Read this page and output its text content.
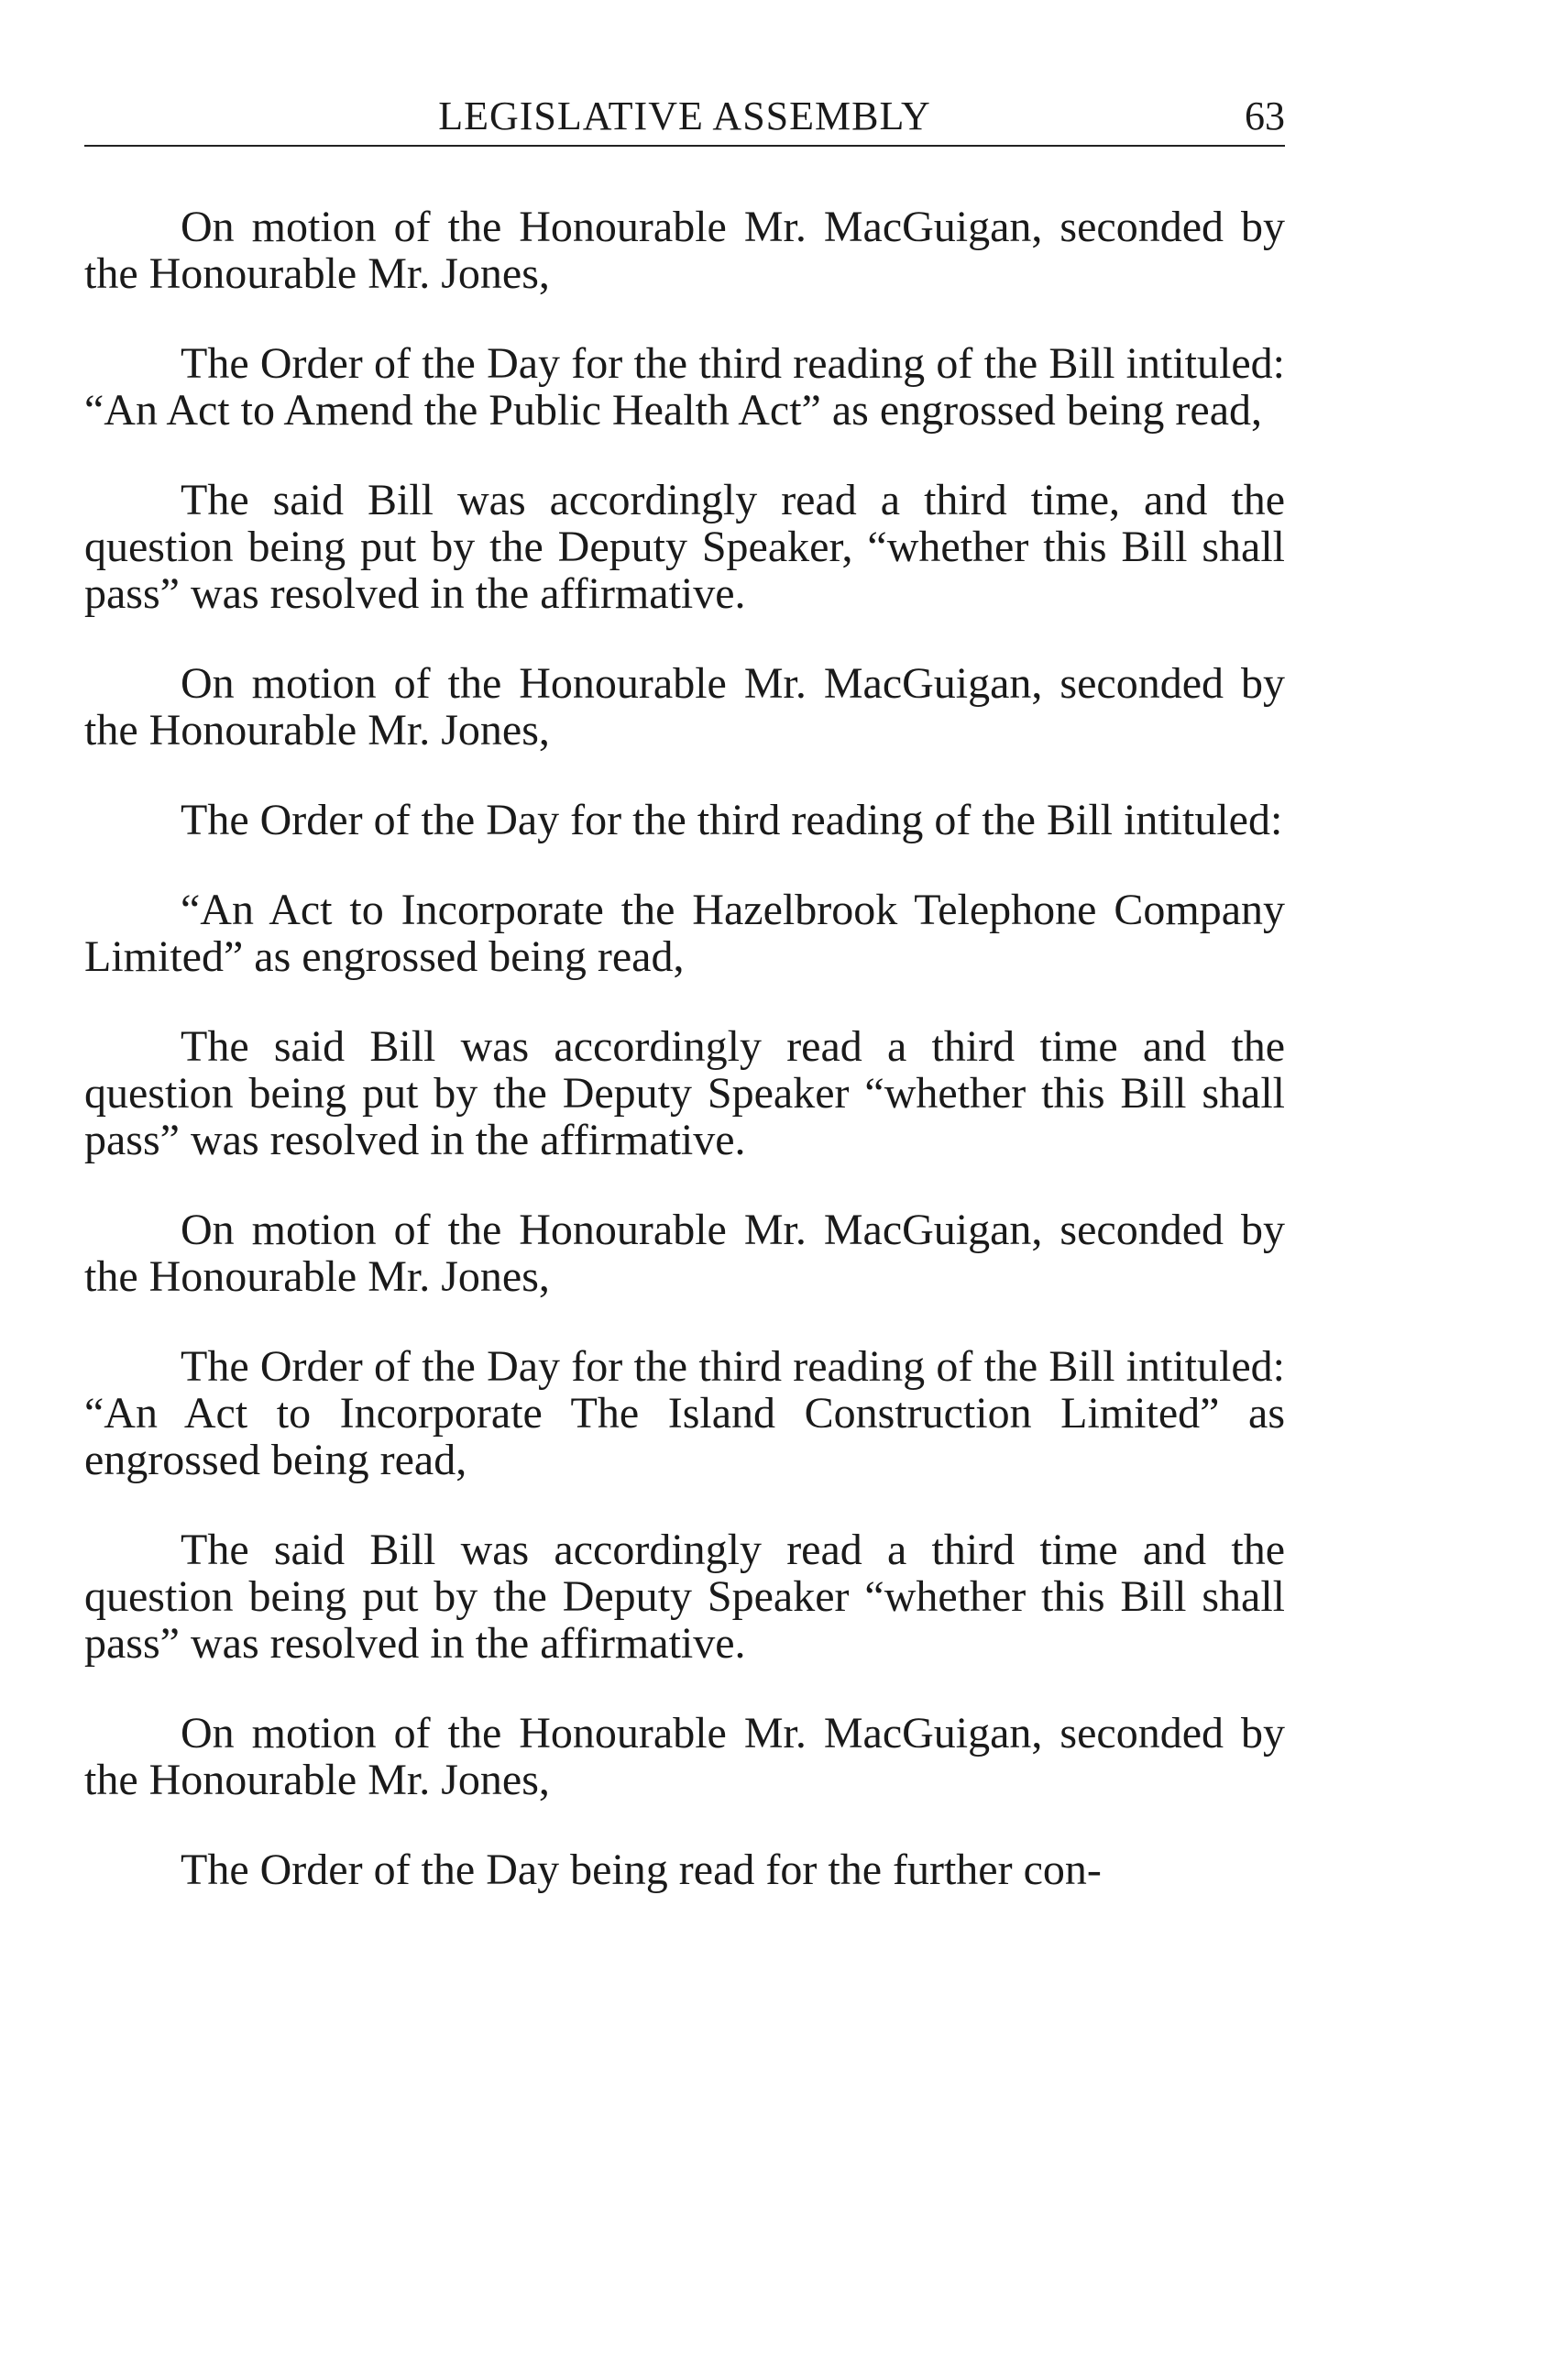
LEGISLATIVE ASSEMBLY	63

On motion of the Honourable Mr. MacGuigan, seconded by the Honourable Mr. Jones,

The Order of the Day for the third reading of the Bill intituled: “An Act to Amend the Public Health Act” as engrossed being read,

The said Bill was accordingly read a third time, and the question being put by the Deputy Speaker, “whether this Bill shall pass” was resolved in the affirmative.

On motion of the Honourable Mr. MacGuigan, seconded by the Honourable Mr. Jones,

The Order of the Day for the third reading of the Bill intituled:

“An Act to Incorporate the Hazelbrook Telephone Company Limited” as engrossed being read,

The said Bill was accordingly read a third time and the question being put by the Deputy Speaker “whether this Bill shall pass” was resolved in the affirmative.

On motion of the Honourable Mr. MacGuigan, seconded by the Honourable Mr. Jones,

The Order of the Day for the third reading of the Bill intituled: “An Act to Incorporate The Island Construction Limited” as engrossed being read,

The said Bill was accordingly read a third time and the question being put by the Deputy Speaker “whether this Bill shall pass” was resolved in the affirmative.

On motion of the Honourable Mr. MacGuigan, seconded by the Honourable Mr. Jones,

The Order of the Day being read for the further con-
